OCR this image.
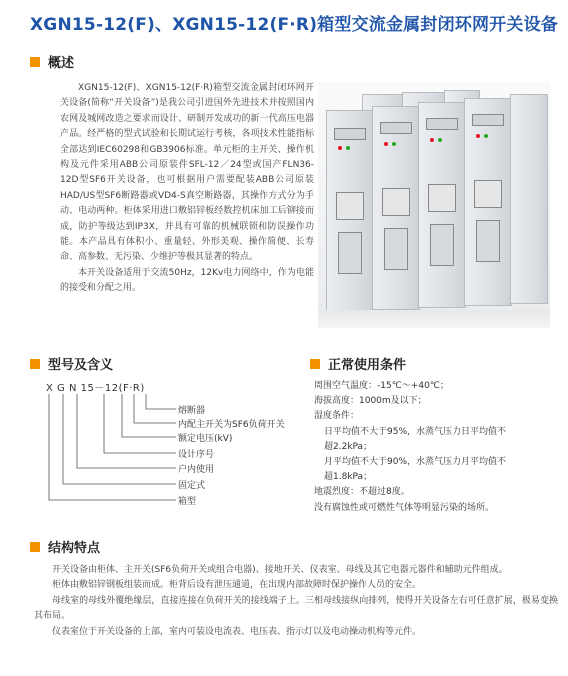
XGN15-12(F)、XGN15-12(F·R)箱型交流金属封闭环网开关设备
概述

XGN15-12(F)、XGN15-12(F·R)箱型交流金属封闭环网开关设备(简称“开关设备”)是我公司引进国外先进技术并按照国内农网及城网改造之要求而设计、研制开发成功的新一代高压电器产品。经严格的型式试验和长期试运行考核，各项技术性能指标全部达到IEC60298和GB3906标准。单元柜的主开关、操作机构及元件采用ABB公司原装件SFL-12／24型或国产FLN36-12D型SF6开关设备，也可根据用户需要配装ABB公司原装HAD/US型SF6断路器或VD4-S真空断路器，其操作方式分为手动、电动两种。柜体采用进口敷铝锌板经数控机床加工后铆接而成，防护等级达到IP3X，并具有可靠的机械联锁和防误操作功能。本产品具有体积小、重量轻、外形美观、操作简便、长寿命、高参数、无污染、少维护等极其显著的特点。

本开关设备适用于交流50Hz，12Kv电力网络中，作为电能的接受和分配之用。

型号及含义
X G N 15－12(F·R)
熔断器
内配主开关为SF6负荷开关
额定电压(kV)
设计序号
户内使用
固定式
箱型
正常使用条件
周围空气温度：-15℃～+40℃；
海拔高度：1000m及以下；
湿度条件：
日平均值不大于95%，水蒸气压力日平均值不
超2.2kPa；
月平均值不大于90%，水蒸气压力月平均值不
超1.8kPa；
地震烈度：不超过8度。
没有腐蚀性或可燃性气体等明显污染的场所。
结构特点

开关设备由柜体、主开关(SF6负荷开关或组合电器)、接地开关、仪表室、母线及其它电器元器件和辅助元件组成。

柜体由敷铝锌钢板组装而成。柜背后设有泄压通道，在出现内部故障时保护操作人员的安全。

母线室的母线外覆绝缘层，直接连接在负荷开关的接线端子上。三相母线接纵向排列，使得开关设备左右可任意扩展，极易变换其布局。

仪表室位于开关设备的上部，室内可装设电流表、电压表、指示灯以及电动操动机构等元件。
